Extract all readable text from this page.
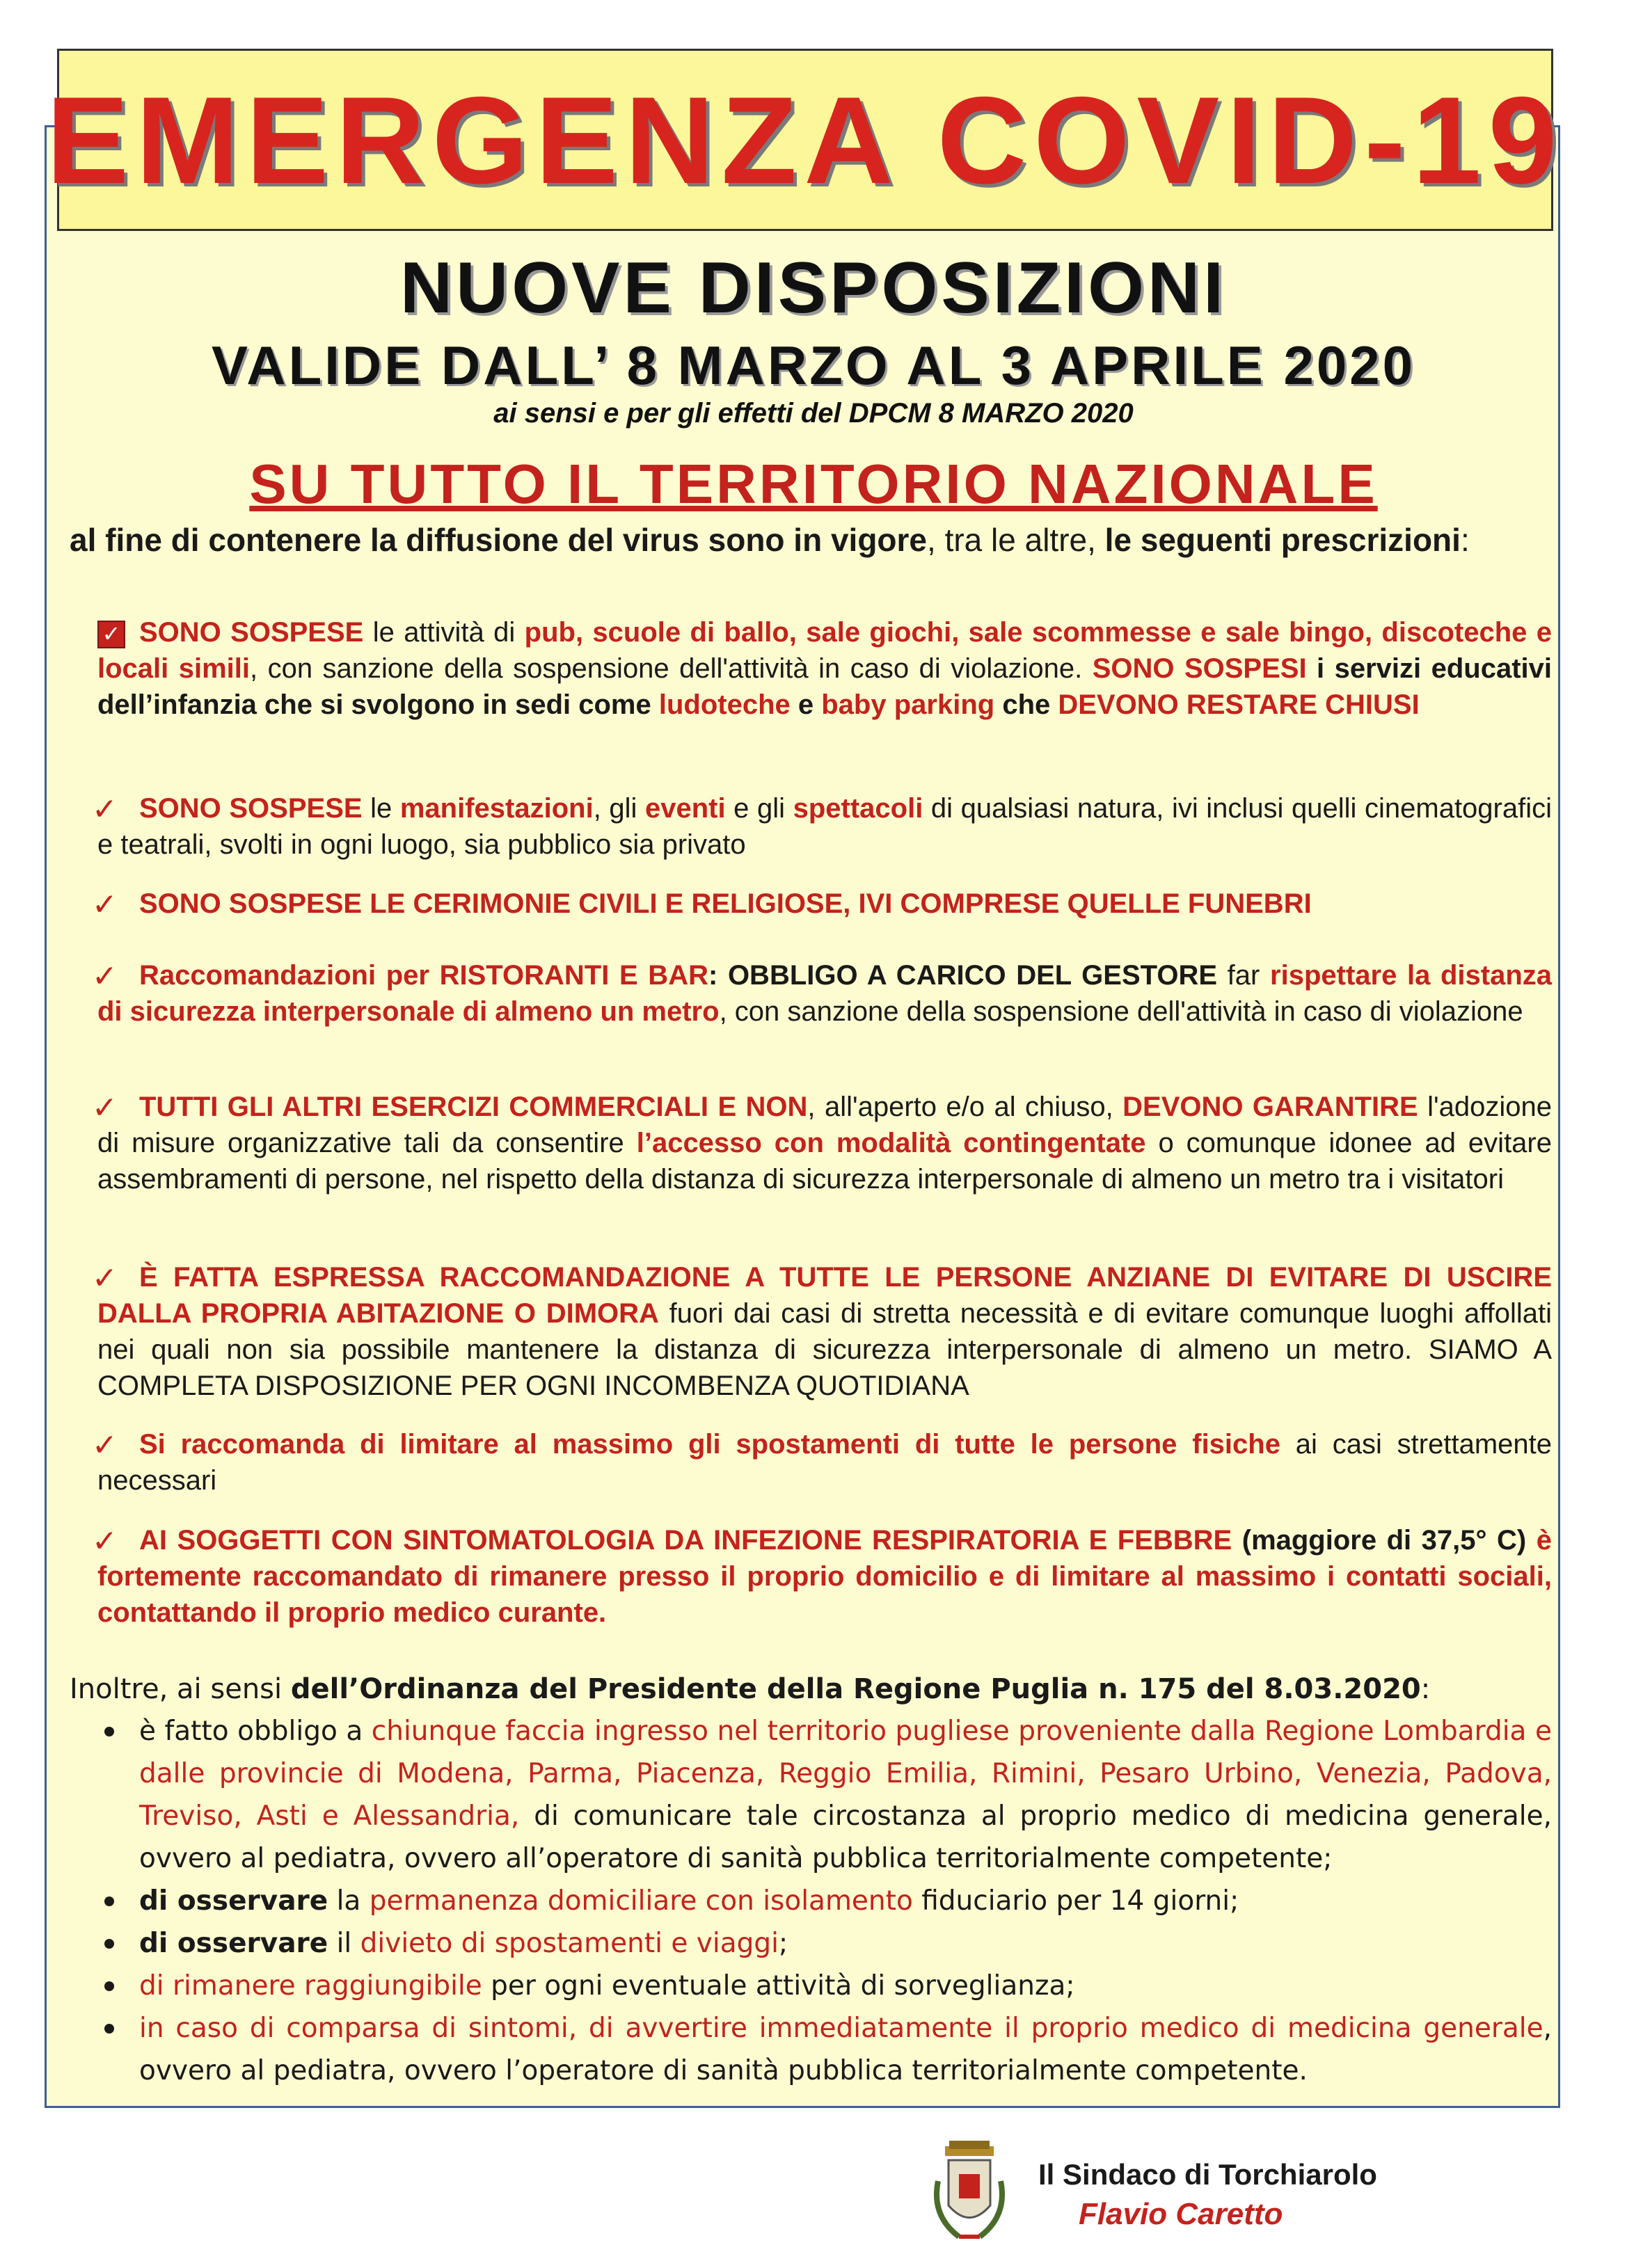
EMERGENZA COVID-19
NUOVE DISPOSIZIONI
VALIDE DALL’ 8 MARZO AL 3 APRILE 2020
ai sensi e per gli effetti del DPCM 8 MARZO 2020
SU TUTTO IL TERRITORIO NAZIONALE
al fine di contenere la diffusione del virus sono in vigore, tra le altre, le seguenti prescrizioni:
✓ SONO SOSPESE le attività di pub, scuole di ballo, sale giochi, sale scommesse e sale bingo, discoteche e locali simili, con sanzione della sospensione dell'attività in caso di violazione. SONO SOSPESI i servizi educativi dell’infanzia che si svolgono in sedi come ludoteche e baby parking che DEVONO RESTARE CHIUSI
✓ SONO SOSPESE le manifestazioni, gli eventi e gli spettacoli di qualsiasi natura, ivi inclusi quelli cinematografici e teatrali, svolti in ogni luogo, sia pubblico sia privato
✓ SONO SOSPESE LE CERIMONIE CIVILI E RELIGIOSE, IVI COMPRESE QUELLE FUNEBRI
✓ Raccomandazioni per RISTORANTI E BAR: OBBLIGO A CARICO DEL GESTORE far rispettare la distanza di sicurezza interpersonale di almeno un metro, con sanzione della sospensione dell'attività in caso di violazione
✓ TUTTI GLI ALTRI ESERCIZI COMMERCIALI E NON, all'aperto e/o al chiuso, DEVONO GARANTIRE l'adozione di misure organizzative tali da consentire l’accesso con modalità contingentate o comunque idonee ad evitare assembramenti di persone, nel rispetto della distanza di sicurezza interpersonale di almeno un metro tra i visitatori
✓ È FATTA ESPRESSA RACCOMANDAZIONE A TUTTE LE PERSONE ANZIANE DI EVITARE DI USCIRE DALLA PROPRIA ABITAZIONE O DIMORA fuori dai casi di stretta necessità e di evitare comunque luoghi affollati nei quali non sia possibile mantenere la distanza di sicurezza interpersonale di almeno un metro. SIAMO A COMPLETA DISPOSIZIONE PER OGNI INCOMBENZA QUOTIDIANA
✓ Si raccomanda di limitare al massimo gli spostamenti di tutte le persone fisiche ai casi strettamente necessari
✓ AI SOGGETTI CON SINTOMATOLOGIA DA INFEZIONE RESPIRATORIA E FEBBRE (maggiore di 37,5° C) è fortemente raccomandato di rimanere presso il proprio domicilio e di limitare al massimo i contatti sociali, contattando il proprio medico curante.
Inoltre, ai sensi dell’Ordinanza del Presidente della Regione Puglia n. 175 del 8.03.2020:
è fatto obbligo a chiunque faccia ingresso nel territorio pugliese proveniente dalla Regione Lombardia e dalle provincie di Modena, Parma, Piacenza, Reggio Emilia, Rimini, Pesaro Urbino, Venezia, Padova, Treviso, Asti e Alessandria, di comunicare tale circostanza al proprio medico di medicina generale, ovvero al pediatra, ovvero all’operatore di sanità pubblica territorialmente competente;
di osservare la permanenza domiciliare con isolamento fiduciario per 14 giorni;
di osservare il divieto di spostamenti e viaggi;
di rimanere raggiungibile per ogni eventuale attività di sorveglianza;
in caso di comparsa di sintomi, di avvertire immediatamente il proprio medico di medicina generale, ovvero al pediatra, ovvero l’operatore di sanità pubblica territorialmente competente.
Il Sindaco di Torchiarolo
Flavio Caretto
